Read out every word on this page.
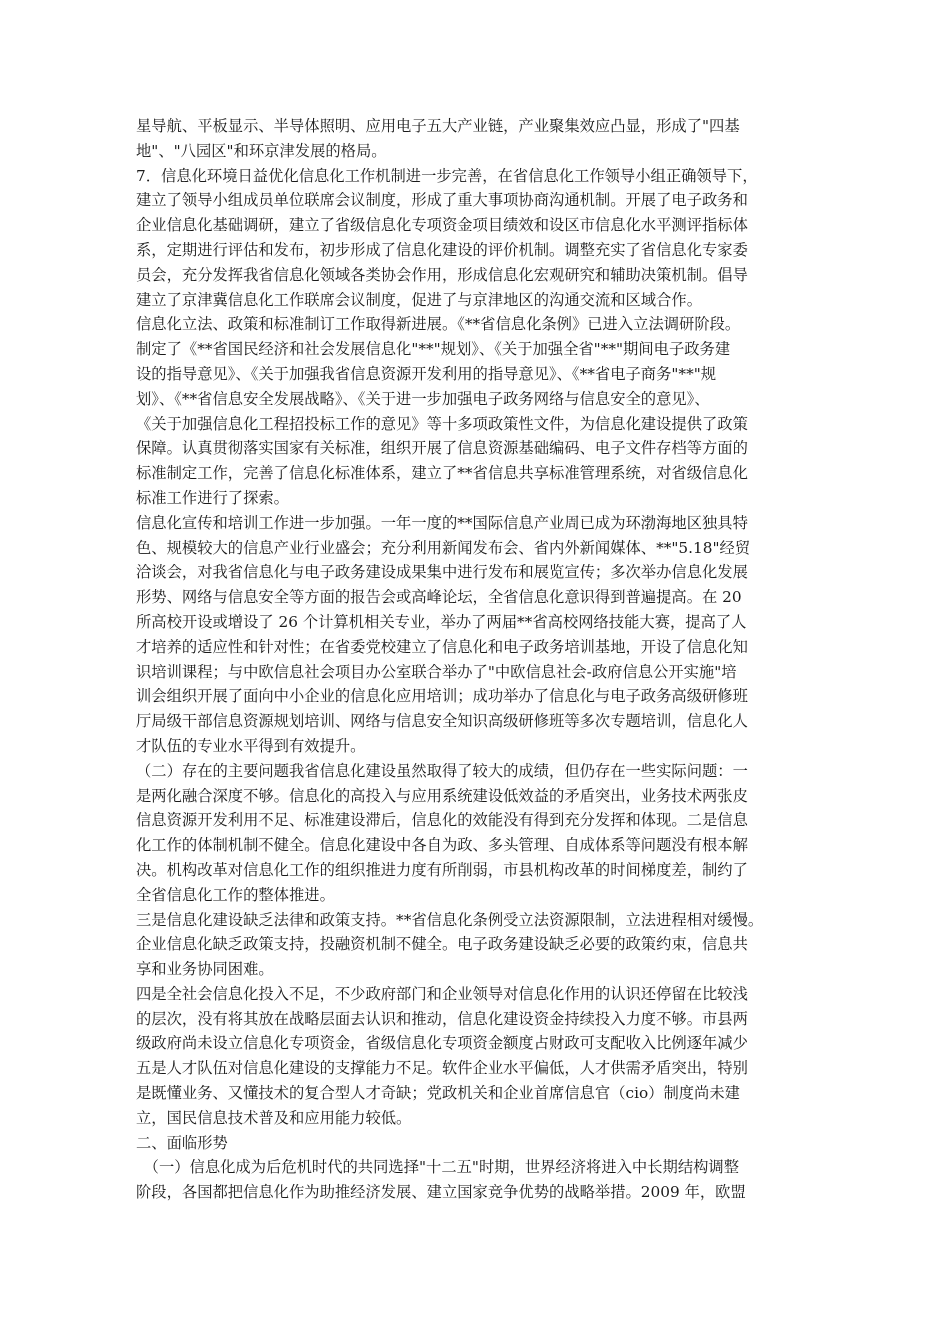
星导航、平板显示、半导体照明、应用电子五大产业链，产业聚集效应凸显，形成了"四基
地"、"八园区"和环京津发展的格局。
7．信息化环境日益优化信息化工作机制进一步完善，在省信息化工作领导小组正确领导下，
建立了领导小组成员单位联席会议制度，形成了重大事项协商沟通机制。开展了电子政务和
企业信息化基础调研，建立了省级信息化专项资金项目绩效和设区市信息化水平测评指标体
系，定期进行评估和发布，初步形成了信息化建设的评价机制。调整充实了省信息化专家委
员会，充分发挥我省信息化领域各类协会作用，形成信息化宏观研究和辅助决策机制。倡导
建立了京津冀信息化工作联席会议制度，促进了与京津地区的沟通交流和区域合作。
信息化立法、政策和标准制订工作取得新进展。《**省信息化条例》已进入立法调研阶段。
制定了《**省国民经济和社会发展信息化"**"规划》、《关于加强全省"**"期间电子政务建
设的指导意见》、《关于加强我省信息资源开发利用的指导意见》、《**省电子商务"**"规
划》、《**省信息安全发展战略》、《关于进一步加强电子政务网络与信息安全的意见》、
《关于加强信息化工程招投标工作的意见》等十多项政策性文件，为信息化建设提供了政策
保障。认真贯彻落实国家有关标准，组织开展了信息资源基础编码、电子文件存档等方面的
标准制定工作，完善了信息化标准体系，建立了**省信息共享标准管理系统，对省级信息化
标准工作进行了探索。
信息化宣传和培训工作进一步加强。一年一度的**国际信息产业周已成为环渤海地区独具特
色、规模较大的信息产业行业盛会；充分利用新闻发布会、省内外新闻媒体、**"5.18"经贸
洽谈会，对我省信息化与电子政务建设成果集中进行发布和展览宣传；多次举办信息化发展
形势、网络与信息安全等方面的报告会或高峰论坛，全省信息化意识得到普遍提高。在 20
所高校开设或增设了 26 个计算机相关专业，举办了两届**省高校网络技能大赛，提高了人
才培养的适应性和针对性；在省委党校建立了信息化和电子政务培训基地，开设了信息化知
识培训课程；与中欧信息社会项目办公室联合举办了"中欧信息社会-政府信息公开实施"培
训会组织开展了面向中小企业的信息化应用培训；成功举办了信息化与电子政务高级研修班
厅局级干部信息资源规划培训、网络与信息安全知识高级研修班等多次专题培训，信息化人
才队伍的专业水平得到有效提升。
（二）存在的主要问题我省信息化建设虽然取得了较大的成绩，但仍存在一些实际问题：一
是两化融合深度不够。信息化的高投入与应用系统建设低效益的矛盾突出，业务技术两张皮
信息资源开发利用不足、标准建设滞后，信息化的效能没有得到充分发挥和体现。二是信息
化工作的体制机制不健全。信息化建设中各自为政、多头管理、自成体系等问题没有根本解
决。机构改革对信息化工作的组织推进力度有所削弱，市县机构改革的时间梯度差，制约了
全省信息化工作的整体推进。
三是信息化建设缺乏法律和政策支持。**省信息化条例受立法资源限制，立法进程相对缓慢。
企业信息化缺乏政策支持，投融资机制不健全。电子政务建设缺乏必要的政策约束，信息共
享和业务协同困难。
四是全社会信息化投入不足，不少政府部门和企业领导对信息化作用的认识还停留在比较浅
的层次，没有将其放在战略层面去认识和推动，信息化建设资金持续投入力度不够。市县两
级政府尚未设立信息化专项资金，省级信息化专项资金额度占财政可支配收入比例逐年减少
五是人才队伍对信息化建设的支撑能力不足。软件企业水平偏低，人才供需矛盾突出，特别
是既懂业务、又懂技术的复合型人才奇缺；党政机关和企业首席信息官（cio）制度尚未建
立，国民信息技术普及和应用能力较低。
二、面临形势
　（一）信息化成为后危机时代的共同选择"十二五"时期，世界经济将进入中长期结构调整
阶段，各国都把信息化作为助推经济发展、建立国家竞争优势的战略举措。2009 年，欧盟
